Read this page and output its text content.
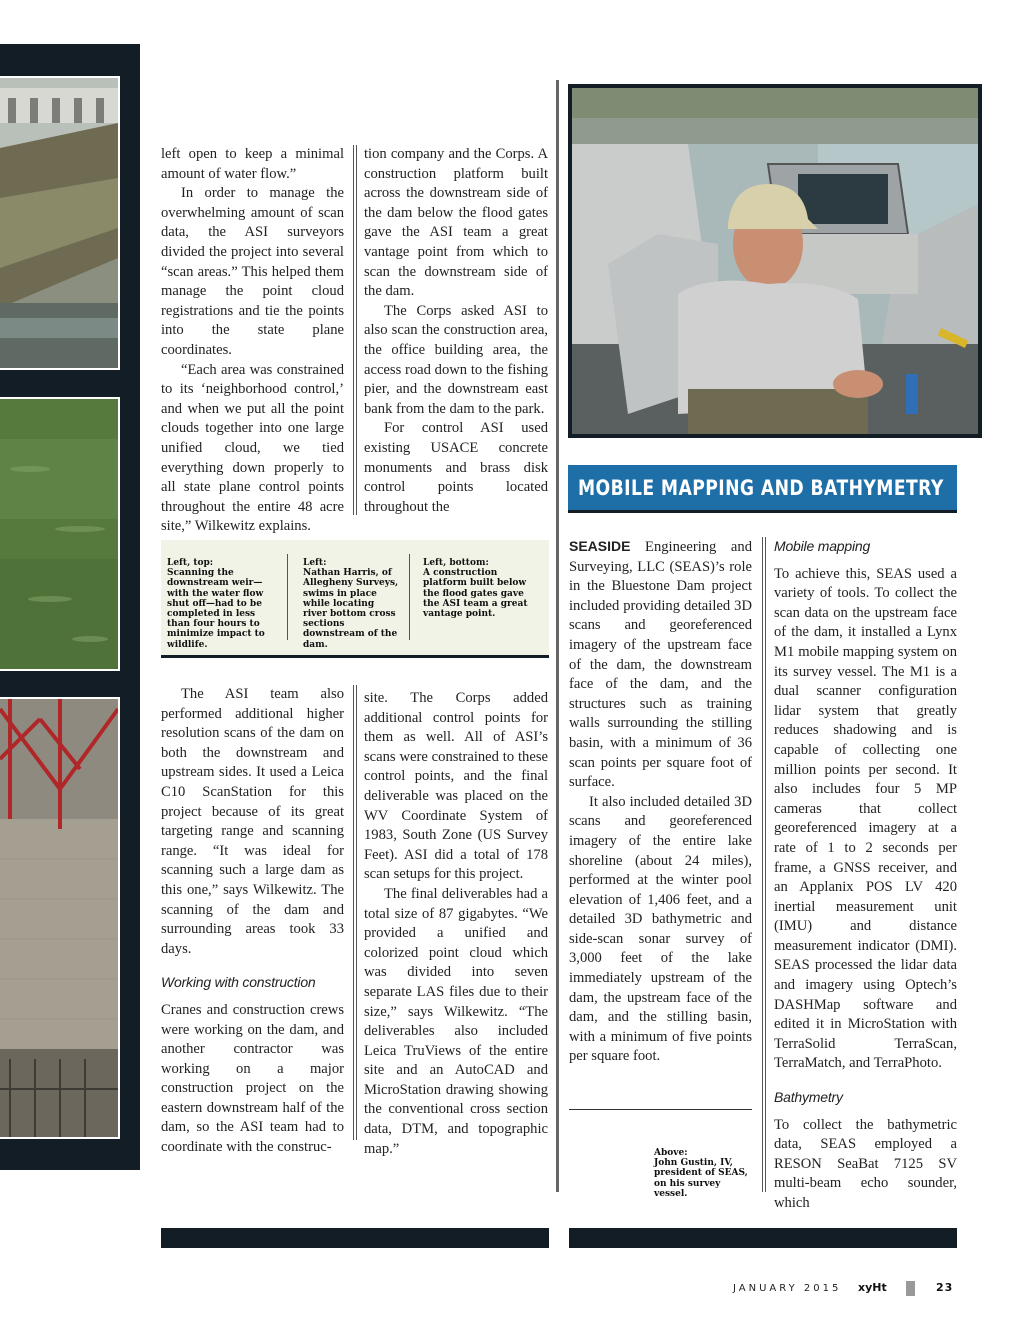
left open to keep a minimal amount of water flow.”

In order to manage the overwhelming amount of scan data, the ASI surveyors divided the project into several “scan areas.” This helped them manage the point cloud registrations and tie the points into the state plane coordinates.

“Each area was constrained to its ‘neighborhood control,’ and when we put all the point clouds together into one large unified cloud, we tied everything down properly to all state plane control points throughout the entire 48 acre site,” Wilkewitz explains.

tion company and the Corps. A construction platform built across the downstream side of the dam below the flood gates gave the ASI team a great vantage point from which to scan the downstream side of the dam.

The Corps asked ASI to also scan the construction area, the office building area, the access road down to the fishing pier, and the downstream east bank from the dam to the park.

For control ASI used existing USACE concrete monuments and brass disk control points located throughout the

Left, top:
Scanning the downstream weir—with the water flow shut off—had to be completed in less than four hours to minimize impact to wildlife.
Left:
Nathan Harris, of Allegheny Surveys, swims in place while locating river bottom cross sections downstream of the dam.
Left, bottom:
A construction platform built below the flood gates gave the ASI team a great vantage point.

The ASI team also performed additional higher resolution scans of the dam on both the downstream and upstream sides. It used a Leica C10 ScanStation for this project because of its great targeting range and scanning range. “It was ideal for scanning such a large dam as this one,” says Wilkewitz. The scanning of the dam and surrounding areas took 33 days.

Working with construction

Cranes and construction crews were working on the dam, and another contractor was working on a major construction project on the eastern downstream half of the dam, so the ASI team had to coordinate with the construc-

site. The Corps added additional control points for them as well. All of ASI’s scans were constrained to these control points, and the final deliverable was placed on the WV Coordinate System of 1983, South Zone (US Survey Feet). ASI did a total of 178 scan setups for this project.

The final deliverables had a total size of 87 gigabytes. “We provided a unified and colorized point cloud which was divided into seven separate LAS files due to their size,” says Wilkewitz. “The deliverables also included Leica TruViews of the entire site and an AutoCAD and MicroStation drawing showing the conventional cross section data, DTM, and topographic map.”

MOBILE MAPPING AND BATHYMETRY

SEASIDE Engineering and Surveying, LLC (SEAS)’s role in the Bluestone Dam project included providing detailed 3D scans and georeferenced imagery of the upstream face of the dam, the downstream face of the dam, and the structures such as training walls surrounding the stilling basin, with a minimum of 36 scan points per square foot of surface.

It also included detailed 3D scans and georeferenced imagery of the entire lake shoreline (about 24 miles), performed at the winter pool elevation of 1,406 feet, and a detailed 3D bathymetric and side-scan sonar survey of 3,000 feet of the lake immediately upstream of the dam, the upstream face of the dam, and the stilling basin, with a minimum of five points per square foot.

Above:
John Gustin, IV, president of SEAS, on his survey vessel.

Mobile mapping

To achieve this, SEAS used a variety of tools. To collect the scan data on the upstream face of the dam, it installed a Lynx M1 mobile mapping system on its survey vessel. The M1 is a dual scanner configuration lidar system that greatly reduces shadowing and is capable of collecting one million points per second. It also includes four 5 MP cameras that collect georeferenced imagery at a rate of 1 to 2 seconds per frame, a GNSS receiver, and an Applanix POS LV 420 inertial measurement unit (IMU) and distance measurement indicator (DMI). SEAS processed the lidar data and imagery using Optech’s DASHMap software and edited it in MicroStation with TerraSolid TerraScan, TerraMatch, and TerraPhoto.

Bathymetry

To collect the bathymetric data, SEAS employed a RESON SeaBat 7125 SV multi-beam echo sounder, which

JANUARY 2015 xyHt	23
